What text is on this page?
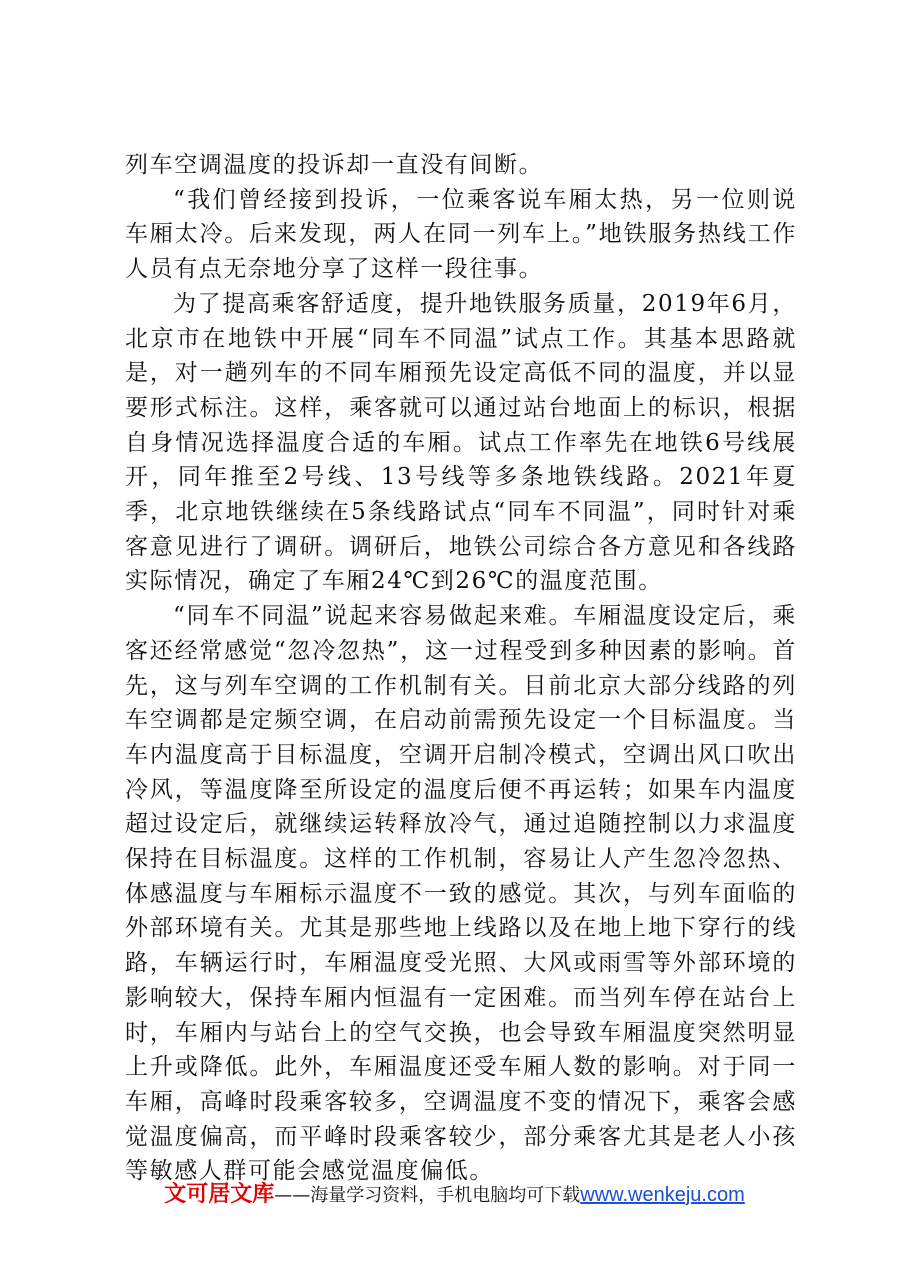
列车空调温度的投诉却一直没有间断。

“我们曾经接到投诉，一位乘客说车厢太热，另一位则说车厢太冷。后来发现，两人在同一列车上。”地铁服务热线工作人员有点无奈地分享了这样一段往事。

为了提高乘客舒适度，提升地铁服务质量，2019年6月，北京市在地铁中开展“同车不同温”试点工作。其基本思路就是，对一趟列车的不同车厢预先设定高低不同的温度，并以显要形式标注。这样，乘客就可以通过站台地面上的标识，根据自身情况选择温度合适的车厢。试点工作率先在地铁6号线展开，同年推至2号线、13号线等多条地铁线路。2021年夏季，北京地铁继续在5条线路试点“同车不同温”，同时针对乘客意见进行了调研。调研后，地铁公司综合各方意见和各线路实际情况，确定了车厢24℃到26℃的温度范围。

“同车不同温”说起来容易做起来难。车厢温度设定后，乘客还经常感觉“忽冷忽热”，这一过程受到多种因素的影响。首先，这与列车空调的工作机制有关。目前北京大部分线路的列车空调都是定频空调，在启动前需预先设定一个目标温度。当车内温度高于目标温度，空调开启制冷模式，空调出风口吹出冷风，等温度降至所设定的温度后便不再运转；如果车内温度超过设定后，就继续运转释放冷气，通过追随控制以力求温度保持在目标温度。这样的工作机制，容易让人产生忽冷忽热、体感温度与车厢标示温度不一致的感觉。其次，与列车面临的外部环境有关。尤其是那些地上线路以及在地上地下穿行的线路，车辆运行时，车厢温度受光照、大风或雨雪等外部环境的影响较大，保持车厢内恒温有一定困难。而当列车停在站台上时，车厢内与站台上的空气交换，也会导致车厢温度突然明显上升或降低。此外，车厢温度还受车厢人数的影响。对于同一车厢，高峰时段乘客较多，空调温度不变的情况下，乘客会感觉温度偏高，而平峰时段乘客较少，部分乘客尤其是老人小孩等敏感人群可能会感觉温度偏低。

文可居文库——海量学习资料，手机电脑均可下载www.wenkeju.com
